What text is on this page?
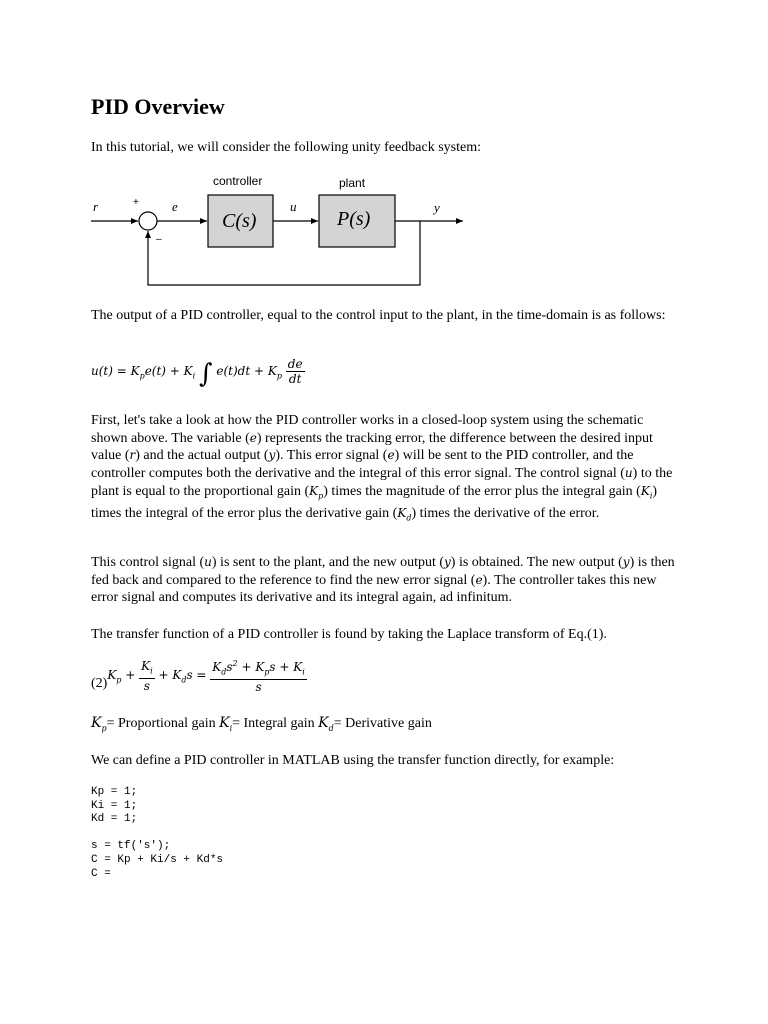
PID Overview

In this tutorial, we will consider the following unity feedback system:

controller	plant
C(s)	P(s)
r	e	u	y
+
–

The output of a PID controller, equal to the control input to the plant, in the time-domain is as follows:

$u(t) = K_pe(t) + K_i$ ∫ $e(t)dt + K_p \frac{de}{dt}$

First, let's take a look at how the PID controller works in a closed-loop system using the schematic shown above. The variable (e) represents the tracking error, the difference between the desired input value (r) and the actual output (y). This error signal (e) will be sent to the PID controller, and the controller computes both the derivative and the integral of this error signal. The control signal (u) to the plant is equal to the proportional gain $(K_p)$ times the magnitude of the error plus the integral gain $(K_i)$ times the integral of the error plus the derivative gain $(K_d)$ times the derivative of the error.

This control signal (u) is sent to the plant, and the new output (y) is obtained. The new output (y) is then fed back and compared to the reference to find the new error signal (e). The controller takes this new error signal and computes its derivative and its integral again, ad infinitum.

The transfer function of a PID controller is found by taking the Laplace transform of Eq.(1).

$(2)K_p + \frac{K_i}{s} + K_ds = \frac{K_ds^2 + K_ps + K_i}{s}$

$K_p=$ Proportional gain $K_i=$ Integral gain $K_d=$ Derivative gain

We can define a PID controller in MATLAB using the transfer function directly, for example:

Kp = 1;
Ki = 1;
Kd = 1;

s = tf('s');
C = Kp + Ki/s + Kd*s
C =
